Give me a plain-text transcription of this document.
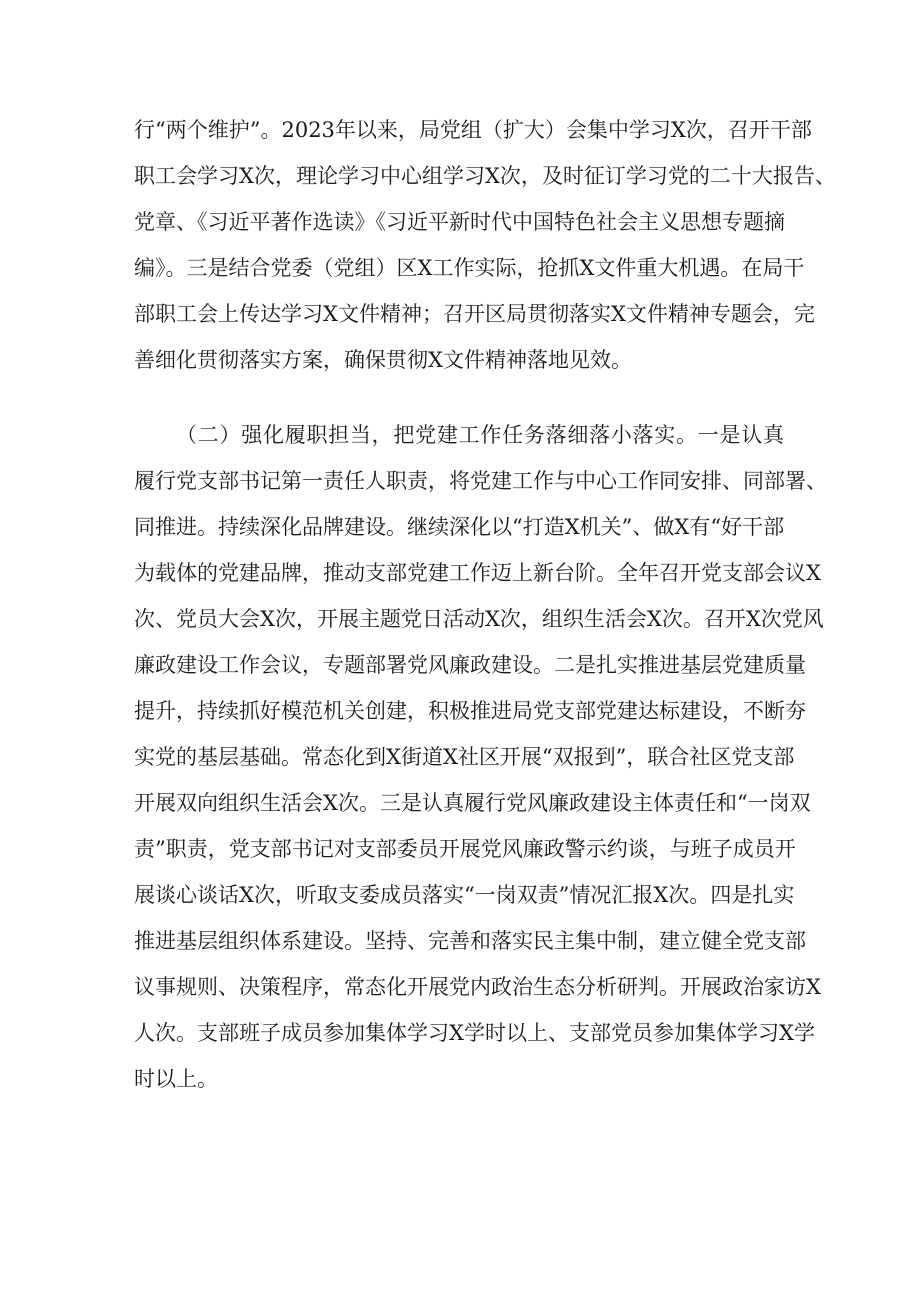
行“两个维护”。2023年以来，局党组（扩大）会集中学习X次，召开干部
职工会学习X次，理论学习中心组学习X次，及时征订学习党的二十大报告、
党章、《习近平著作选读》《习近平新时代中国特色社会主义思想专题摘
编》。三是结合党委（党组）区X工作实际，抢抓X文件重大机遇。在局干
部职工会上传达学习X文件精神；召开区局贯彻落实X文件精神专题会，完
善细化贯彻落实方案，确保贯彻X文件精神落地见效。
（二）强化履职担当，把党建工作任务落细落小落实。一是认真
履行党支部书记第一责任人职责，将党建工作与中心工作同安排、同部署、
同推进。持续深化品牌建设。继续深化以“打造X机关”、做X有“好干部
为载体的党建品牌，推动支部党建工作迈上新台阶。全年召开党支部会议X
次、党员大会X次，开展主题党日活动X次，组织生活会X次。召开X次党风
廉政建设工作会议，专题部署党风廉政建设。二是扎实推进基层党建质量
提升，持续抓好模范机关创建，积极推进局党支部党建达标建设，不断夯
实党的基层基础。常态化到X街道X社区开展“双报到”，联合社区党支部
开展双向组织生活会X次。三是认真履行党风廉政建设主体责任和“一岗双
责”职责，党支部书记对支部委员开展党风廉政警示约谈，与班子成员开
展谈心谈话X次，听取支委成员落实“一岗双责”情况汇报X次。四是扎实
推进基层组织体系建设。坚持、完善和落实民主集中制，建立健全党支部
议事规则、决策程序，常态化开展党内政治生态分析研判。开展政治家访X
人次。支部班子成员参加集体学习X学时以上、支部党员参加集体学习X学
时以上。
